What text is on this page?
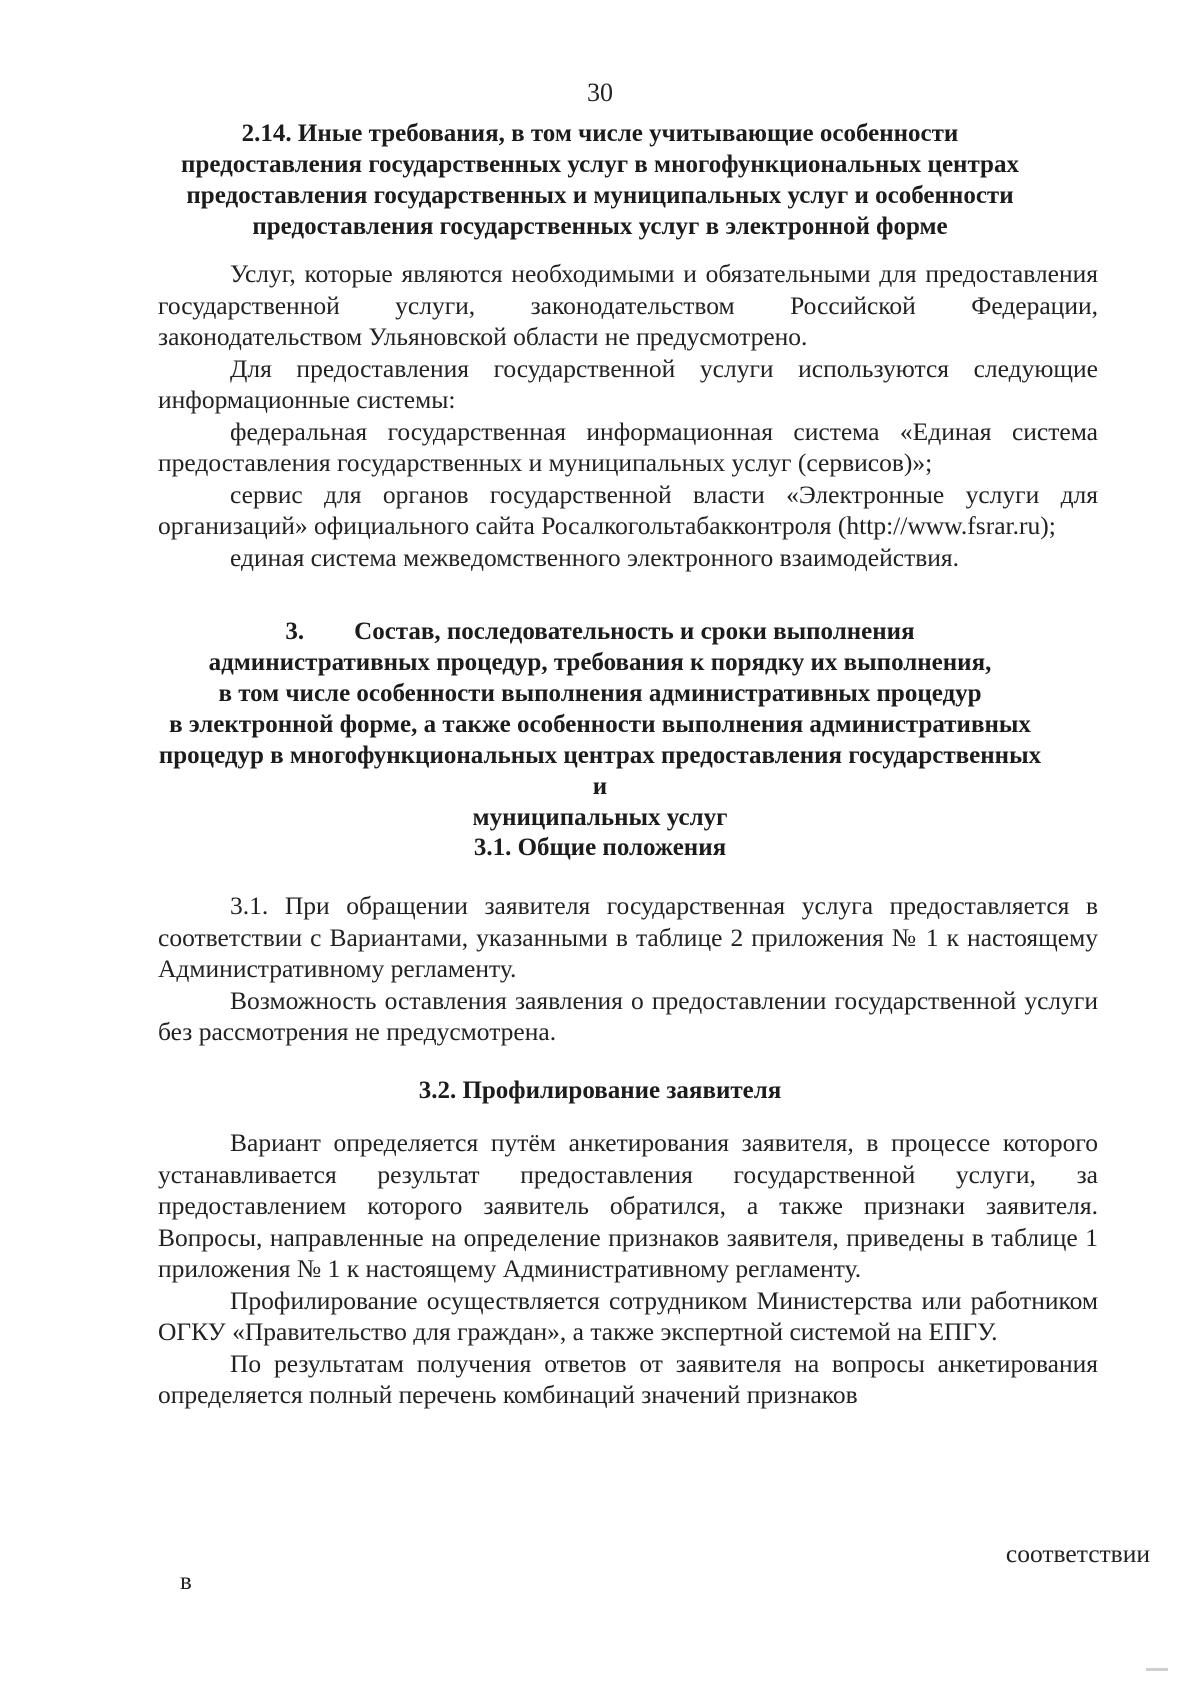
30
2.14. Иные требования, в том числе учитывающие особенности
предоставления государственных услуг в многофункциональных центрах
предоставления государственных и муниципальных услуг и особенности
предоставления государственных услуг в электронной форме

Услуг, которые являются необходимыми и обязательными для предоставления государственной услуги, законодательством Российской Федерации, законодательством Ульяновской области не предусмотрено.

Для предоставления государственной услуги используются следующие информационные системы:

федеральная государственная информационная система «Единая система предоставления государственных и муниципальных услуг (сервисов)»;

сервис для органов государственной власти «Электронные услуги для организаций» официального сайта Росалкогольтабакконтроля (http://www.fsrar.ru);

единая система межведомственного электронного взаимодействия.

3.        Состав, последовательность и сроки выполнения
административных процедур, требования к порядку их выполнения,
в том числе особенности выполнения административных процедур
в электронной форме, а также особенности выполнения административных
процедур в многофункциональных центрах предоставления государственных и
муниципальных услуг
3.1. Общие положения

3.1. При обращении заявителя государственная услуга предоставляется в соответствии с Вариантами, указанными в таблице 2 приложения № 1 к настоящему Административному регламенту.

Возможность оставления заявления о предоставлении государственной услуги без рассмотрения не предусмотрена.

3.2. Профилирование заявителя

Вариант определяется путём анкетирования заявителя, в процессе которого устанавливается результат предоставления государственной услуги, за предоставлением которого заявитель обратился, а также признаки заявителя. Вопросы, направленные на определение признаков заявителя, приведены в таблице 1 приложения № 1 к настоящему Административному регламенту.

Профилирование осуществляется сотрудником Министерства или работником ОГКУ «Правительство для граждан», а также экспертной системой на ЕПГУ.

По результатам получения ответов от заявителя на вопросы анкетирования определяется полный перечень комбинаций значений признаков

соответствии
в
